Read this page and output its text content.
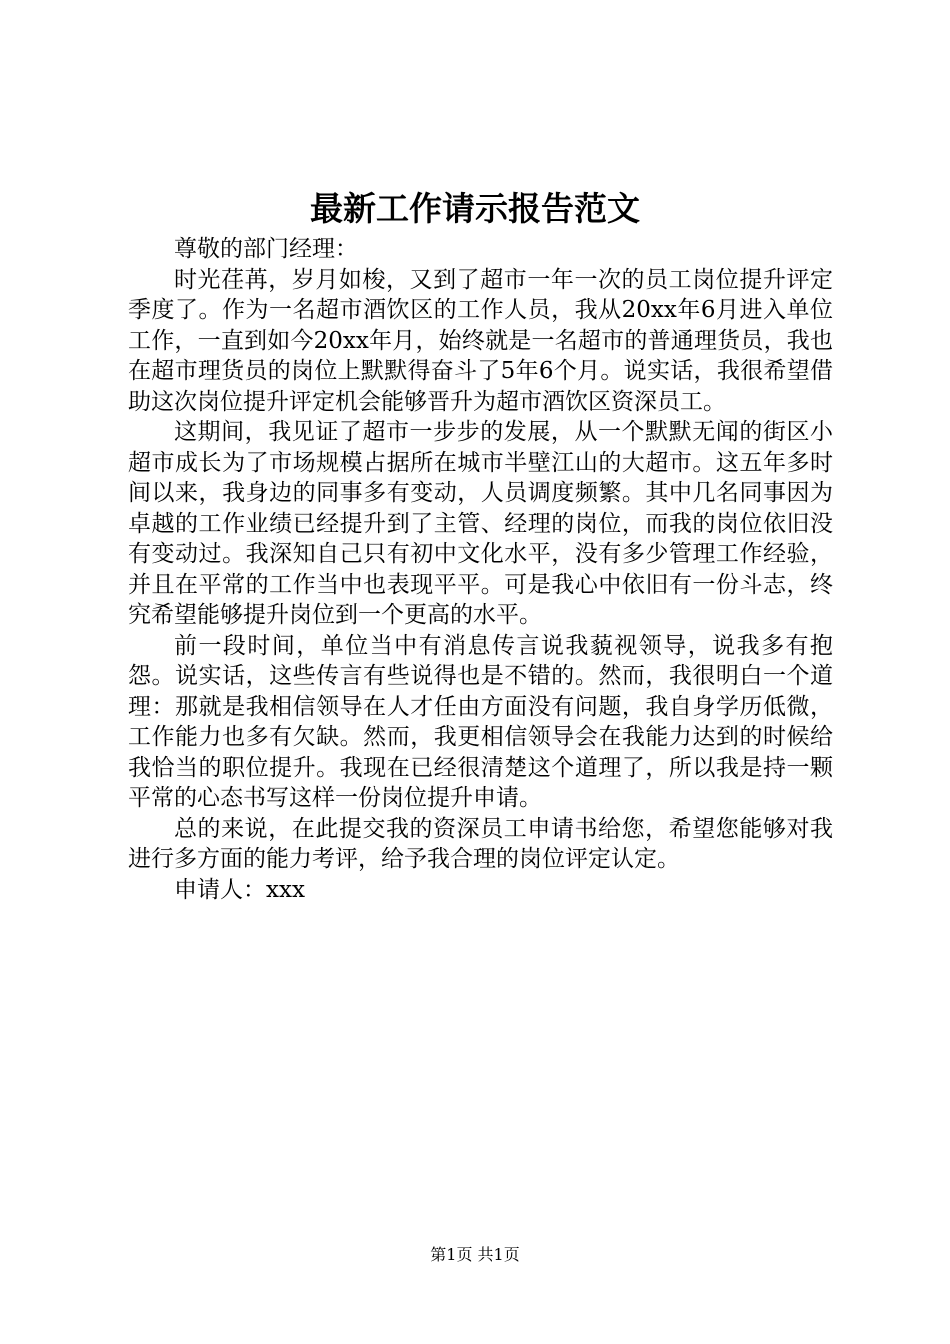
最新工作请示报告范文

尊敬的部门经理：

时光荏苒，岁月如梭，又到了超市一年一次的员工岗位提升评定季度了。作为一名超市酒饮区的工作人员，我从20xx年6月进入单位工作，一直到如今20xx年月，始终就是一名超市的普通理货员，我也在超市理货员的岗位上默默得奋斗了5年6个月。说实话，我很希望借助这次岗位提升评定机会能够晋升为超市酒饮区资深员工。

这期间，我见证了超市一步步的发展，从一个默默无闻的街区小超市成长为了市场规模占据所在城市半壁江山的大超市。这五年多时间以来，我身边的同事多有变动，人员调度频繁。其中几名同事因为卓越的工作业绩已经提升到了主管、经理的岗位，而我的岗位依旧没有变动过。我深知自己只有初中文化水平，没有多少管理工作经验，并且在平常的工作当中也表现平平。可是我心中依旧有一份斗志，终究希望能够提升岗位到一个更高的水平。

前一段时间，单位当中有消息传言说我藐视领导，说我多有抱怨。说实话，这些传言有些说得也是不错的。然而，我很明白一个道理：那就是我相信领导在人才任由方面没有问题，我自身学历低微，工作能力也多有欠缺。然而，我更相信领导会在我能力达到的时候给我恰当的职位提升。我现在已经很清楚这个道理了，所以我是持一颗平常的心态书写这样一份岗位提升申请。

总的来说，在此提交我的资深员工申请书给您，希望您能够对我进行多方面的能力考评，给予我合理的岗位评定认定。

申请人：xxx

第1页 共1页
